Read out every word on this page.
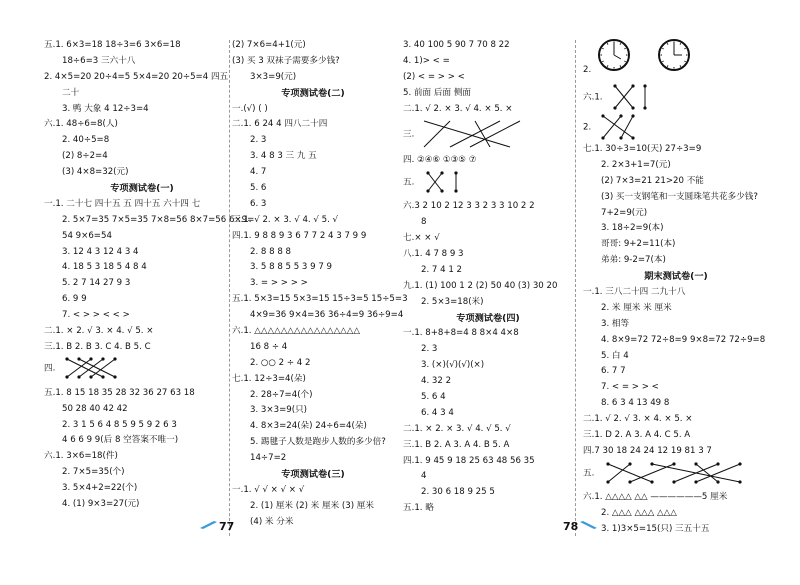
五.1. 6×3=18 18÷3=6 3×6=18
18÷6=3 三六十八
2. 4×5=20 20÷4=5 5×4=20 20÷5=4 四五
二十
3. 鸭 大象 4 12÷3=4
六.1. 48÷6=8(人)
2. 40÷5=8
(2) 8÷2=4
(3) 4×8=32(元)
专项测试卷(一)
一.1. 二十七 四十五 五 四十五 六十四 七
2. 5×7=35 7×5=35 7×8=56 8×7=56 6×9=
54 9×6=54
3. 12 4 3 12 4 3 4
4. 18 5 3 18 5 4 8 4
5. 2 7 14 27 9 3
6. 9 9
7. < > > < < >
二.1. × 2. √ 3. × 4. √ 5. ×
三.1. B 2. B 3. C 4. B 5. C
四.
五.1. 8 15 18 35 28 32 36 27 63 18
50 28 40 42 42
2. 3 1 5 6 4 8 5 9 5 9 2 6 3
4 6 6 9 9(后 8 空答案不唯一)
六.1. 3×6=18(件)
2. 7×5=35(个)
3. 5×4+2=22(个)
4. (1) 9×3=27(元)
(2) 7×6=4+1(元)
(3) 买 3 双袜子需要多少钱?
3×3=9(元)
专项测试卷(二)
一.(√) ( )
二.1. 6 24 4 四八二十四
2. 3
3. 4 8 3 三 九 五
4. 7
5. 6
6. 3
三.1. √ 2. × 3. √ 4. √ 5. √
四.1. 9 8 8 9 3 6 7 7 2 4 3 7 9 9
2. 8 8 8 8
3. 5 8 8 5 5 3 9 7 9
3. = > > > >
五.1. 5×3=15 5×3=15 15÷3=5 15÷5=3
4×9=36 9×4=36 36÷4=9 36÷9=4
六.1. △△△△△△△△△△△△△△△△
16 8 ÷ 4
2. ○○ 2 ÷ 4 2
七.1. 12÷3=4(朵)
2. 28÷7=4(个)
3. 3×3=9(只)
4. 8×3=24(朵) 24÷6=4(朵)
5. 踢毽子人数是跑步人数的多少倍?
14÷7=2
专项测试卷(三)
一.1. √ √ × √ × √
2. (1) 厘米 (2) 米 厘米 (3) 厘米
(4) 米 分米
3. 40 100 5 90 7 70 8 22
4. 1)> < =
(2) < = > > <
5. 前面 后面 侧面
二.1. √ 2. × 3. √ 4. × 5. ×
三.
四. ②④⑥ ①③⑤ ⑦
五.
六.3 2 10 2 12 3 3 2 3 3 10 2 2
8
七.× × √
八.1. 4 7 8 9 3
2. 7 4 1 2
九.1. (1) 100 1 2 (2) 50 40 (3) 30 20
2. 5×3=18(米)
专项测试卷(四)
一.1. 8+8+8=4 8 8×4 4×8
2. 3
3. (×)(√)(√)(×)
4. 32 2
5. 6 4
6. 4 3 4
二.1. × 2. × 3. √ 4. √ 5. √
三.1. B 2. A 3. A 4. B 5. A
四.1. 9 45 9 18 25 63 48 56 35
4
2. 30 6 18 9 25 5
五.1. 略
2.
六.1.
2.
七.1. 30÷3=10(天) 27÷3=9
2. 2×3+1=7(元)
(2) 7×3=21 21>20 不能
(3) 买一支钢笔和一支圆珠笔共花多少钱?
7+2=9(元)
3. 18÷2=9(本)
哥哥: 9+2=11(本)
弟弟: 9-2=7(本)
期末测试卷(一)
一.1. 三八二十四 二九十八
2. 米 厘米 米 厘米
3. 相等
4. 8×9=72 72÷8=9 9×8=72 72÷9=8
5. 白 4
6. 7 7
7. < = > > <
8. 6 3 4 13 49 8
二.1. √ 2. √ 3. × 4. × 5. ×
三.1. D 2. A 3. A 4. C 5. A
四.7 30 18 24 24 12 19 81 3 7
五.
六.1. △△△△ △△ ——————5 厘米
2. △△△ △△△ △△△
3. 1)3×5=15(只) 三五十五
77	78
